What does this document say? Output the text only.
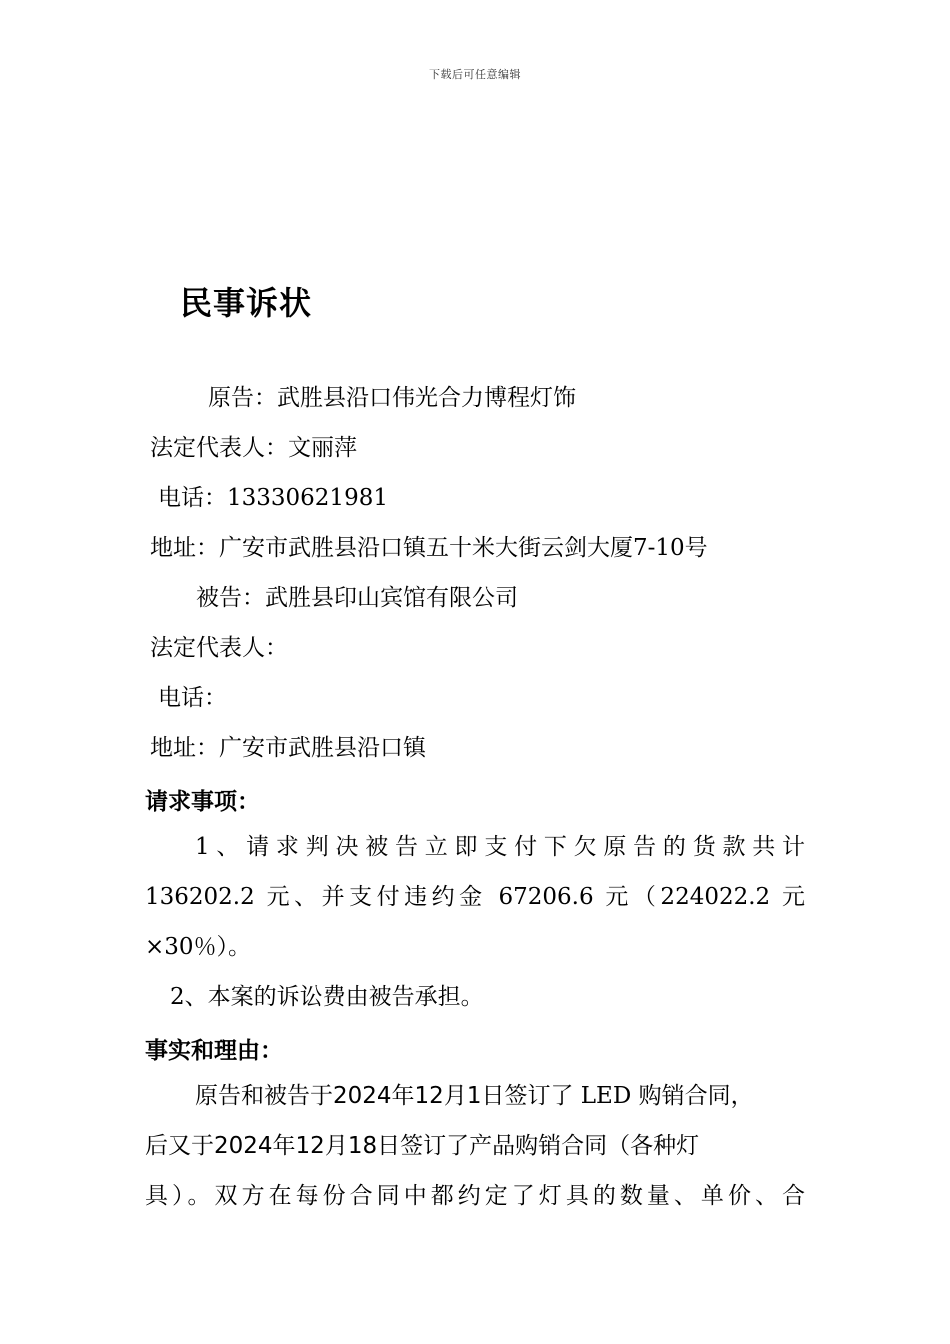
下载后可任意编辑
民事诉状
原告：武胜县沿口伟光合力博程灯饰
法定代表人：文丽萍
电话：13330621981
地址：广安市武胜县沿口镇五十米大街云剑大厦7-10号
被告：武胜县印山宾馆有限公司
法定代表人：
电话：
地址：广安市武胜县沿口镇
请求事项：
1、请求判决被告立即支付下欠原告的货款共计
136202.2 元、并支付违约金 67206.6 元（224022.2 元
×30％）。
2、本案的诉讼费由被告承担。
事实和理由：
原告和被告于2024年12月1日签订了 LED 购销合同，
后又于2024年12月18日签订了产品购销合同（各种灯
具）。双方在每份合同中都约定了灯具的数量、单价、合
